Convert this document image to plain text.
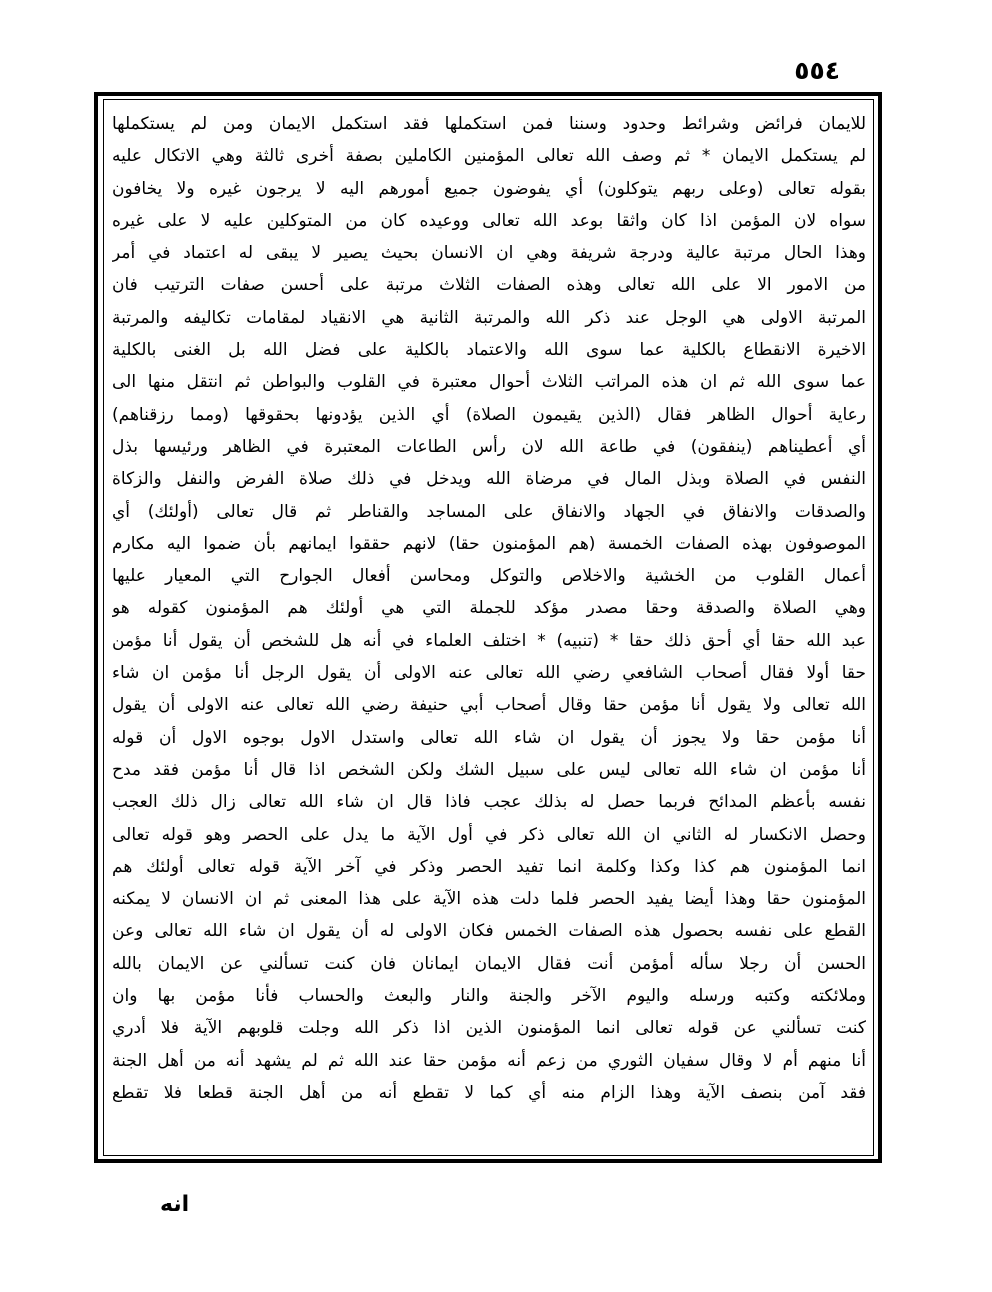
٥٥٤
للايمان فرائض وشرائط وحدود وسننا فمن استكملها فقد استكمل الايمان ومن لم يستكملها
لم يستكمل الايمان * ثم وصف الله تعالى المؤمنين الكاملين بصفة أخرى ثالثة وهي الاتكال عليه
بقوله تعالى (وعلى ربهم يتوكلون) أي يفوضون جميع أمورهم اليه لا يرجون غيره ولا يخافون
سواه لان المؤمن اذا كان واثقا بوعد الله تعالى ووعيده كان من المتوكلين عليه لا على غيره
وهذا الحال مرتبة عالية ودرجة شريفة وهي ان الانسان بحيث يصير لا يبقى له اعتماد في أمر
من الامور الا على الله تعالى وهذه الصفات الثلاث مرتبة على أحسن صفات الترتيب فان
المرتبة الاولى هي الوجل عند ذكر الله والمرتبة الثانية هي الانقياد لمقامات تكاليفه والمرتبة
الاخيرة الانقطاع بالكلية عما سوى الله والاعتماد بالكلية على فضل الله بل الغنى بالكلية
عما سوى الله ثم ان هذه المراتب الثلاث أحوال معتبرة في القلوب والبواطن ثم انتقل منها الى
رعاية أحوال الظاهر فقال (الذين يقيمون الصلاة) أي الذين يؤدونها بحقوقها (ومما رزقناهم)
أي أعطيناهم (ينفقون) في طاعة الله لان رأس الطاعات المعتبرة في الظاهر ورئيسها بذل
النفس في الصلاة وبذل المال في مرضاة الله ويدخل في ذلك صلاة الفرض والنفل والزكاة
والصدقات والانفاق في الجهاد والانفاق على المساجد والقناطر ثم قال تعالى (أولئك) أي
الموصوفون بهذه الصفات الخمسة (هم المؤمنون حقا) لانهم حققوا ايمانهم بأن ضموا اليه مكارم
أعمال القلوب من الخشية والاخلاص والتوكل ومحاسن أفعال الجوارح التي المعيار عليها
وهي الصلاة والصدقة وحقا مصدر مؤكد للجملة التي هي أولئك هم المؤمنون كقوله هو
عبد الله حقا أي أحق ذلك حقا * (تنبيه) * اختلف العلماء في أنه هل للشخص أن يقول أنا مؤمن
حقا أولا فقال أصحاب الشافعي رضي الله تعالى عنه الاولى أن يقول الرجل أنا مؤمن ان شاء
الله تعالى ولا يقول أنا مؤمن حقا وقال أصحاب أبي حنيفة رضي الله تعالى عنه الاولى أن يقول
أنا مؤمن حقا ولا يجوز أن يقول ان شاء الله تعالى واستدل الاول بوجوه الاول أن قوله
أنا مؤمن ان شاء الله تعالى ليس على سبيل الشك ولكن الشخص اذا قال أنا مؤمن فقد مدح
نفسه بأعظم المدائح فربما حصل له بذلك عجب فاذا قال ان شاء الله تعالى زال ذلك العجب
وحصل الانكسار له الثاني ان الله تعالى ذكر في أول الآية ما يدل على الحصر وهو قوله تعالى
انما المؤمنون هم كذا وكذا وكلمة انما تفيد الحصر وذكر في آخر الآية قوله تعالى أولئك هم
المؤمنون حقا وهذا أيضا يفيد الحصر فلما دلت هذه الآية على هذا المعنى ثم ان الانسان لا يمكنه
القطع على نفسه بحصول هذه الصفات الخمس فكان الاولى له أن يقول ان شاء الله تعالى وعن
الحسن أن رجلا سأله أمؤمن أنت فقال الايمان ايمانان فان كنت تسألني عن الايمان بالله
وملائكته وكتبه ورسله واليوم الآخر والجنة والنار والبعث والحساب فأنا مؤمن بها وان
كنت تسألني عن قوله تعالى انما المؤمنون الذين اذا ذكر الله وجلت قلوبهم الآية فلا أدري
أنا منهم أم لا وقال سفيان الثوري من زعم أنه مؤمن حقا عند الله ثم لم يشهد أنه من أهل الجنة
فقد آمن بنصف الآية وهذا الزام منه أي كما لا تقطع أنه من أهل الجنة قطعا فلا تقطع
انه
